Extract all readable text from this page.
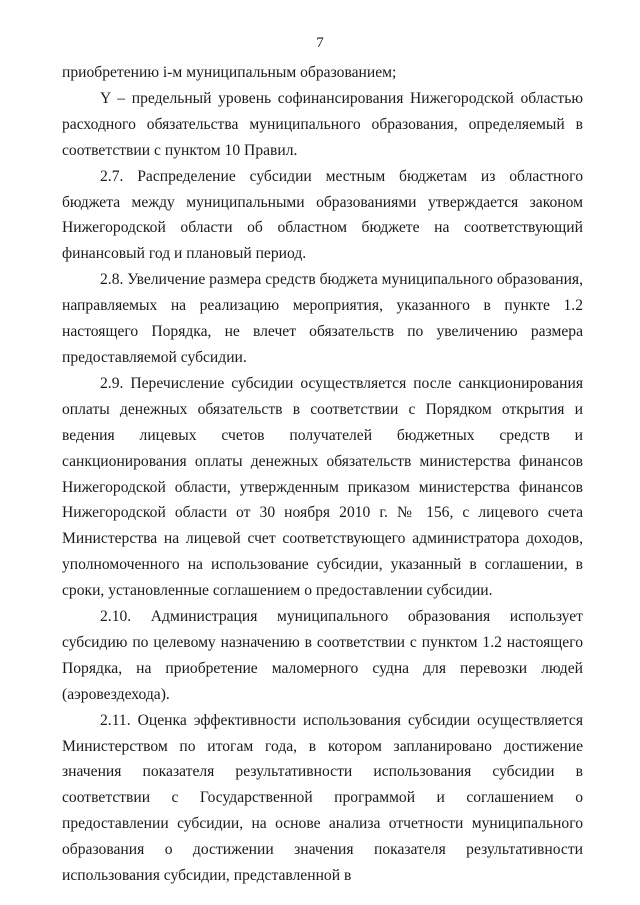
7

приобретению i-м муниципальным образованием;

Y – предельный уровень софинансирования Нижегородской областью расходного обязательства муниципального образования, определяемый в соответствии с пунктом 10 Правил.

2.7. Распределение субсидии местным бюджетам из областного бюджета между муниципальными образованиями утверждается законом Нижегородской области об областном бюджете на соответствующий финансовый год и плановый период.

2.8. Увеличение размера средств бюджета муниципального образования, направляемых на реализацию мероприятия, указанного в пункте 1.2 настоящего Порядка, не влечет обязательств по увеличению размера предоставляемой субсидии.

2.9. Перечисление субсидии осуществляется после санкционирования оплаты денежных обязательств в соответствии с Порядком открытия и ведения лицевых счетов получателей бюджетных средств и санкционирования оплаты денежных обязательств министерства финансов Нижегородской области, утвержденным приказом министерства финансов Нижегородской области от 30 ноября 2010 г. № 156, с лицевого счета Министерства на лицевой счет соответствующего администратора доходов, уполномоченного на использование субсидии, указанный в соглашении, в сроки, установленные соглашением о предоставлении субсидии.

2.10. Администрация муниципального образования использует субсидию по целевому назначению в соответствии с пунктом 1.2 настоящего Порядка, на приобретение маломерного судна для перевозки людей (аэровездехода).

2.11. Оценка эффективности использования субсидии осуществляется Министерством по итогам года, в котором запланировано достижение значения показателя результативности использования субсидии в соответствии с Государственной программой и соглашением о предоставлении субсидии, на основе анализа отчетности муниципального образования о достижении значения показателя результативности использования субсидии, представленной в
